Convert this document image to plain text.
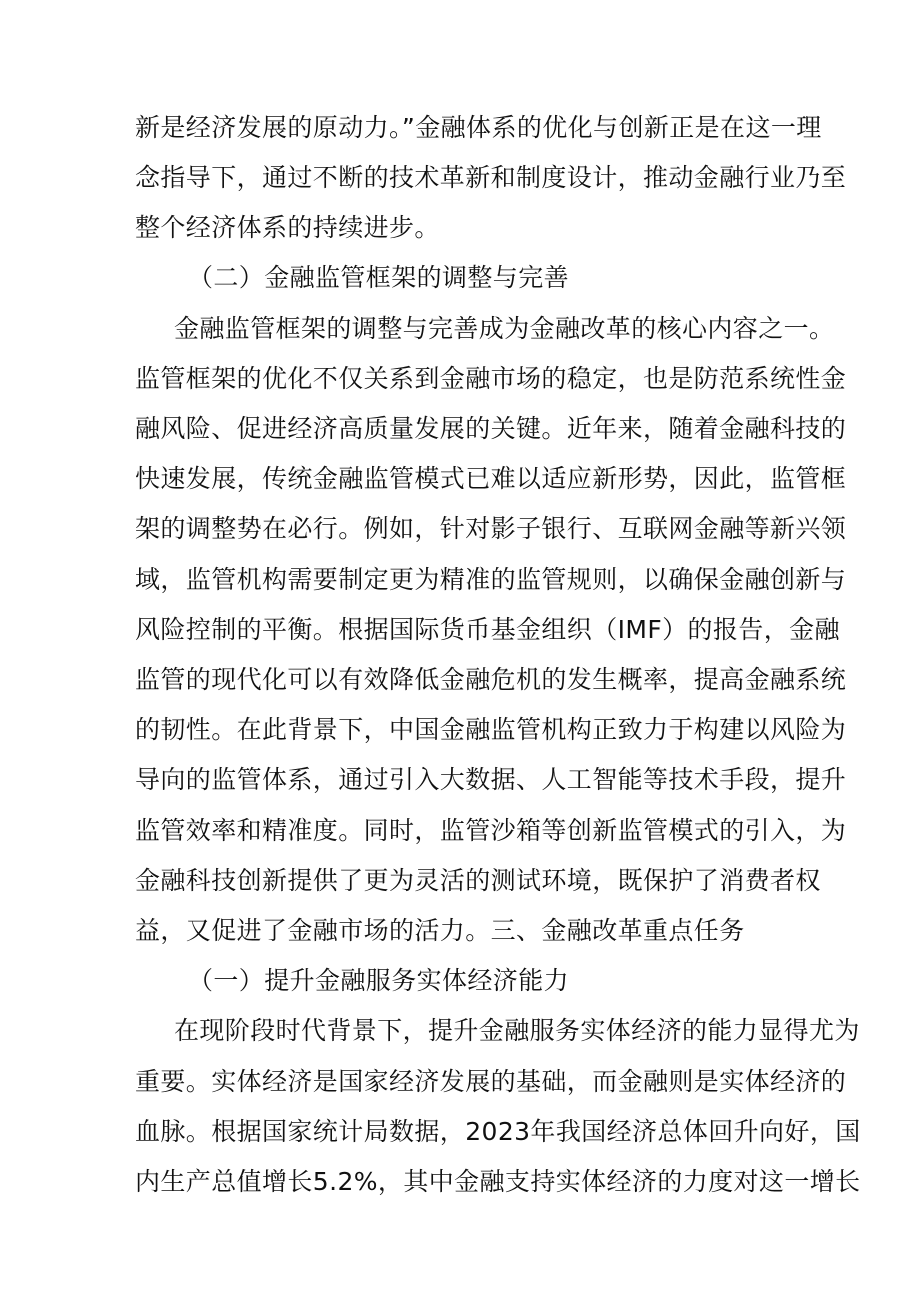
新是经济发展的原动力。”金融体系的优化与创新正是在这一理
念指导下，通过不断的技术革新和制度设计，推动金融行业乃至
整个经济体系的持续进步。
（二）金融监管框架的调整与完善
金融监管框架的调整与完善成为金融改革的核心内容之一。
监管框架的优化不仅关系到金融市场的稳定，也是防范系统性金
融风险、促进经济高质量发展的关键。近年来，随着金融科技的
快速发展，传统金融监管模式已难以适应新形势，因此，监管框
架的调整势在必行。例如，针对影子银行、互联网金融等新兴领
域，监管机构需要制定更为精准的监管规则，以确保金融创新与
风险控制的平衡。根据国际货币基金组织（IMF）的报告，金融
监管的现代化可以有效降低金融危机的发生概率，提高金融系统
的韧性。在此背景下，中国金融监管机构正致力于构建以风险为
导向的监管体系，通过引入大数据、人工智能等技术手段，提升
监管效率和精准度。同时，监管沙箱等创新监管模式的引入，为
金融科技创新提供了更为灵活的测试环境，既保护了消费者权
益，又促进了金融市场的活力。三、金融改革重点任务
（一）提升金融服务实体经济能力
在现阶段时代背景下，提升金融服务实体经济的能力显得尤为
重要。实体经济是国家经济发展的基础，而金融则是实体经济的
血脉。根据国家统计局数据，2023年我国经济总体回升向好，国
内生产总值增长5.2%，其中金融支持实体经济的力度对这一增长
